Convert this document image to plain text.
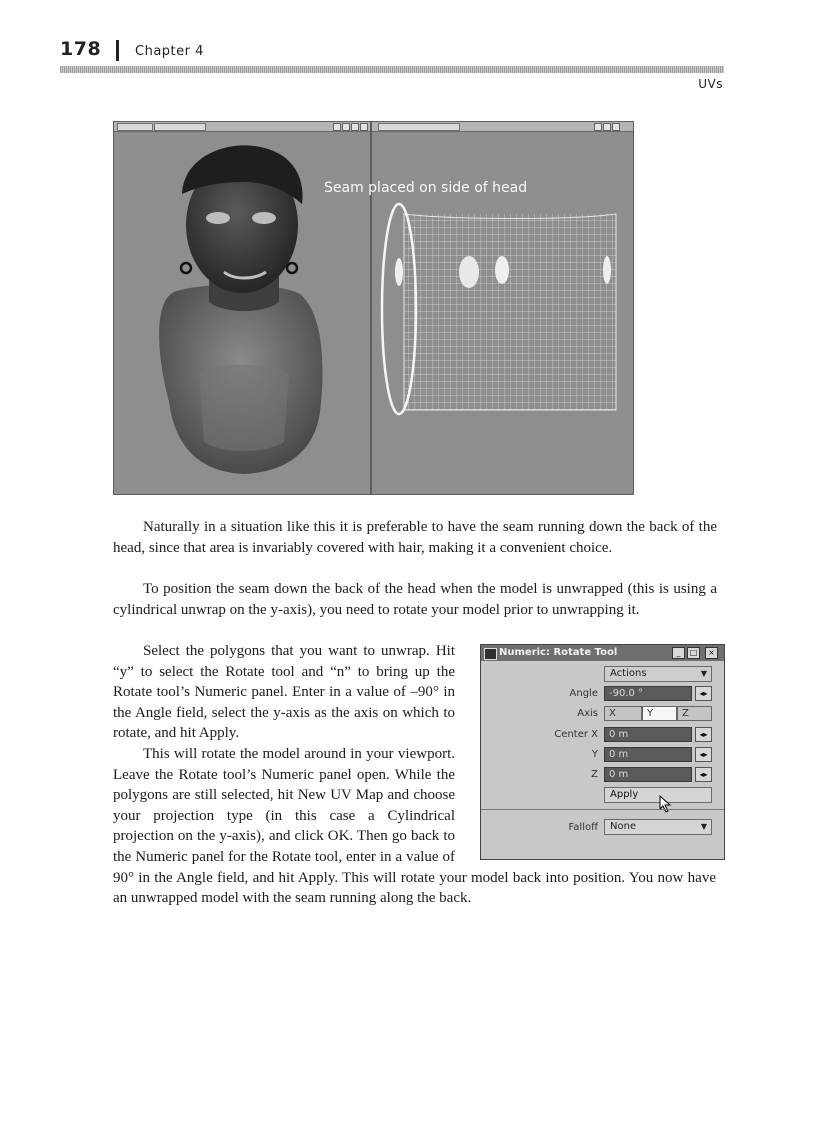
178	Chapter 4
UVs
Seam placed on side of head

Naturally in a situation like this it is preferable to have the seam running down the back of the head, since that area is invariably covered with hair, making it a convenient choice.

To position the seam down the back of the head when the model is unwrapped (this is using a cylindrical unwrap on the y-axis), you need to rotate your model prior to unwrapping it.

Select the polygons that you want to unwrap. Hit “y” to select the Rotate tool and “n” to bring up the Rotate tool’s Numeric panel. Enter in a value of –90° in the Angle field, select the y-axis as the axis on which to rotate, and hit Apply.

This will rotate the model around in your viewport. Leave the Rotate tool’s Numeric panel open. While the polygons are still selected, hit New UV Map and choose your projection type (in this case a Cylindrical projection on the y-axis), and click OK. Then go back to the Numeric panel for the Rotate tool, enter in a value of 90° in the Angle field, and hit Apply. This will rotate your model back into position. You now have an unwrapped model with the seam running along the back.

Numeric: Rotate Tool	_	□	×
Actions	▼
Angle	-90.0 °	◂▸
Axis	X	Y	Z
Center X	0 m	◂▸
Y	0 m	◂▸
Z	0 m	◂▸
Apply
Falloff	None	▼
